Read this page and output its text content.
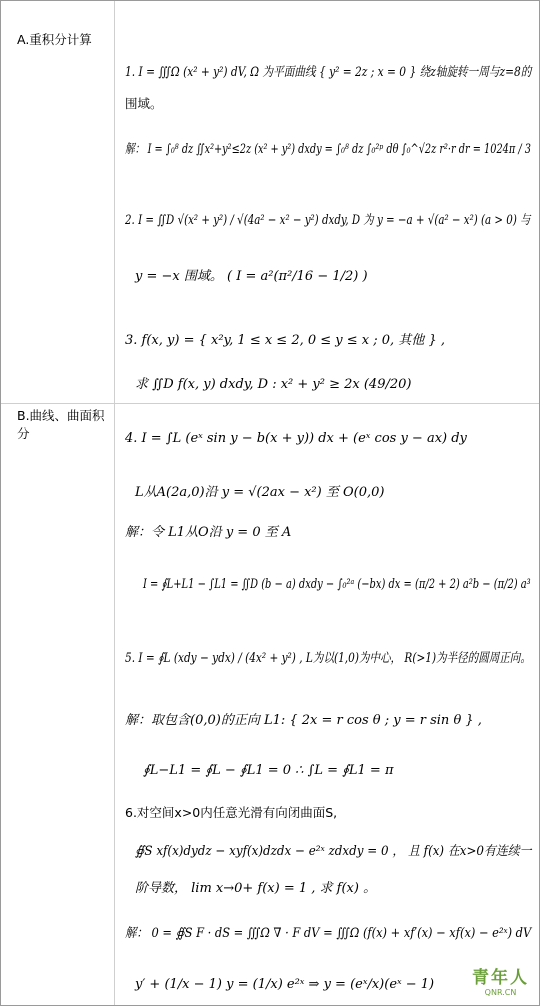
A.重积分计算
B.曲线、曲面积分
1. I = ∭Ω (x² + y²) dV, Ω 为平面曲线 { y² = 2z ; x = 0 } 绕z轴旋转一周与z=8的
围域。
解： I = ∫₀⁸ dz ∬x²+y²≤2z (x² + y²) dxdy = ∫₀⁸ dz ∫₀²ᵖ dθ ∫₀^√2z r²·r dr = 1024π / 3
2. I = ∬D √(x² + y²) / √(4a² − x² − y²) dxdy, D 为 y = −a + √(a² − x²) (a > 0) 与
y = −x 围域。 ( I = a²(π²/16 − 1/2) )
3. f(x, y) = { x²y, 1 ≤ x ≤ 2, 0 ≤ y ≤ x ; 0, 其他 } ,
求 ∬D f(x, y) dxdy, D : x² + y² ≥ 2x (49/20)
4. I = ∫L (eˣ sin y − b(x + y)) dx + (eˣ cos y − ax) dy
L从A(2a,0)沿 y = √(2ax − x²) 至 O(0,0)
解：令 L1从O沿 y = 0 至 A
I = ∮L+L1 − ∫L1 = ∬D (b − a) dxdy − ∫₀²ᵃ (−bx) dx = (π/2 + 2) a²b − (π/2) a³
5. I = ∮L (xdy − ydx) / (4x² + y²) , L为以(1,0)为中心， R(>1)为半径的圆周正向。
解：取包含(0,0)的正向 L1: { 2x = r cos θ ; y = r sin θ } ,
∮L−L1 = ∮L − ∮L1 = 0 ∴ ∫L = ∮L1 = π
6.对空间x>0内任意光滑有向闭曲面S,
∯S xf(x)dydz − xyf(x)dzdx − e²ˣ zdxdy = 0 ， 且 f(x) 在x>0有连续一
阶导数， lim x→0+ f(x) = 1 , 求 f(x) 。
解： 0 = ∯S F · dS = ∭Ω ∇ · F dV = ∭Ω (f(x) + xf′(x) − xf(x) − e²ˣ) dV
y′ + (1/x − 1) y = (1/x) e²ˣ ⇒ y = (eˣ/x)(eˣ − 1) 青年人
QNR.CN
